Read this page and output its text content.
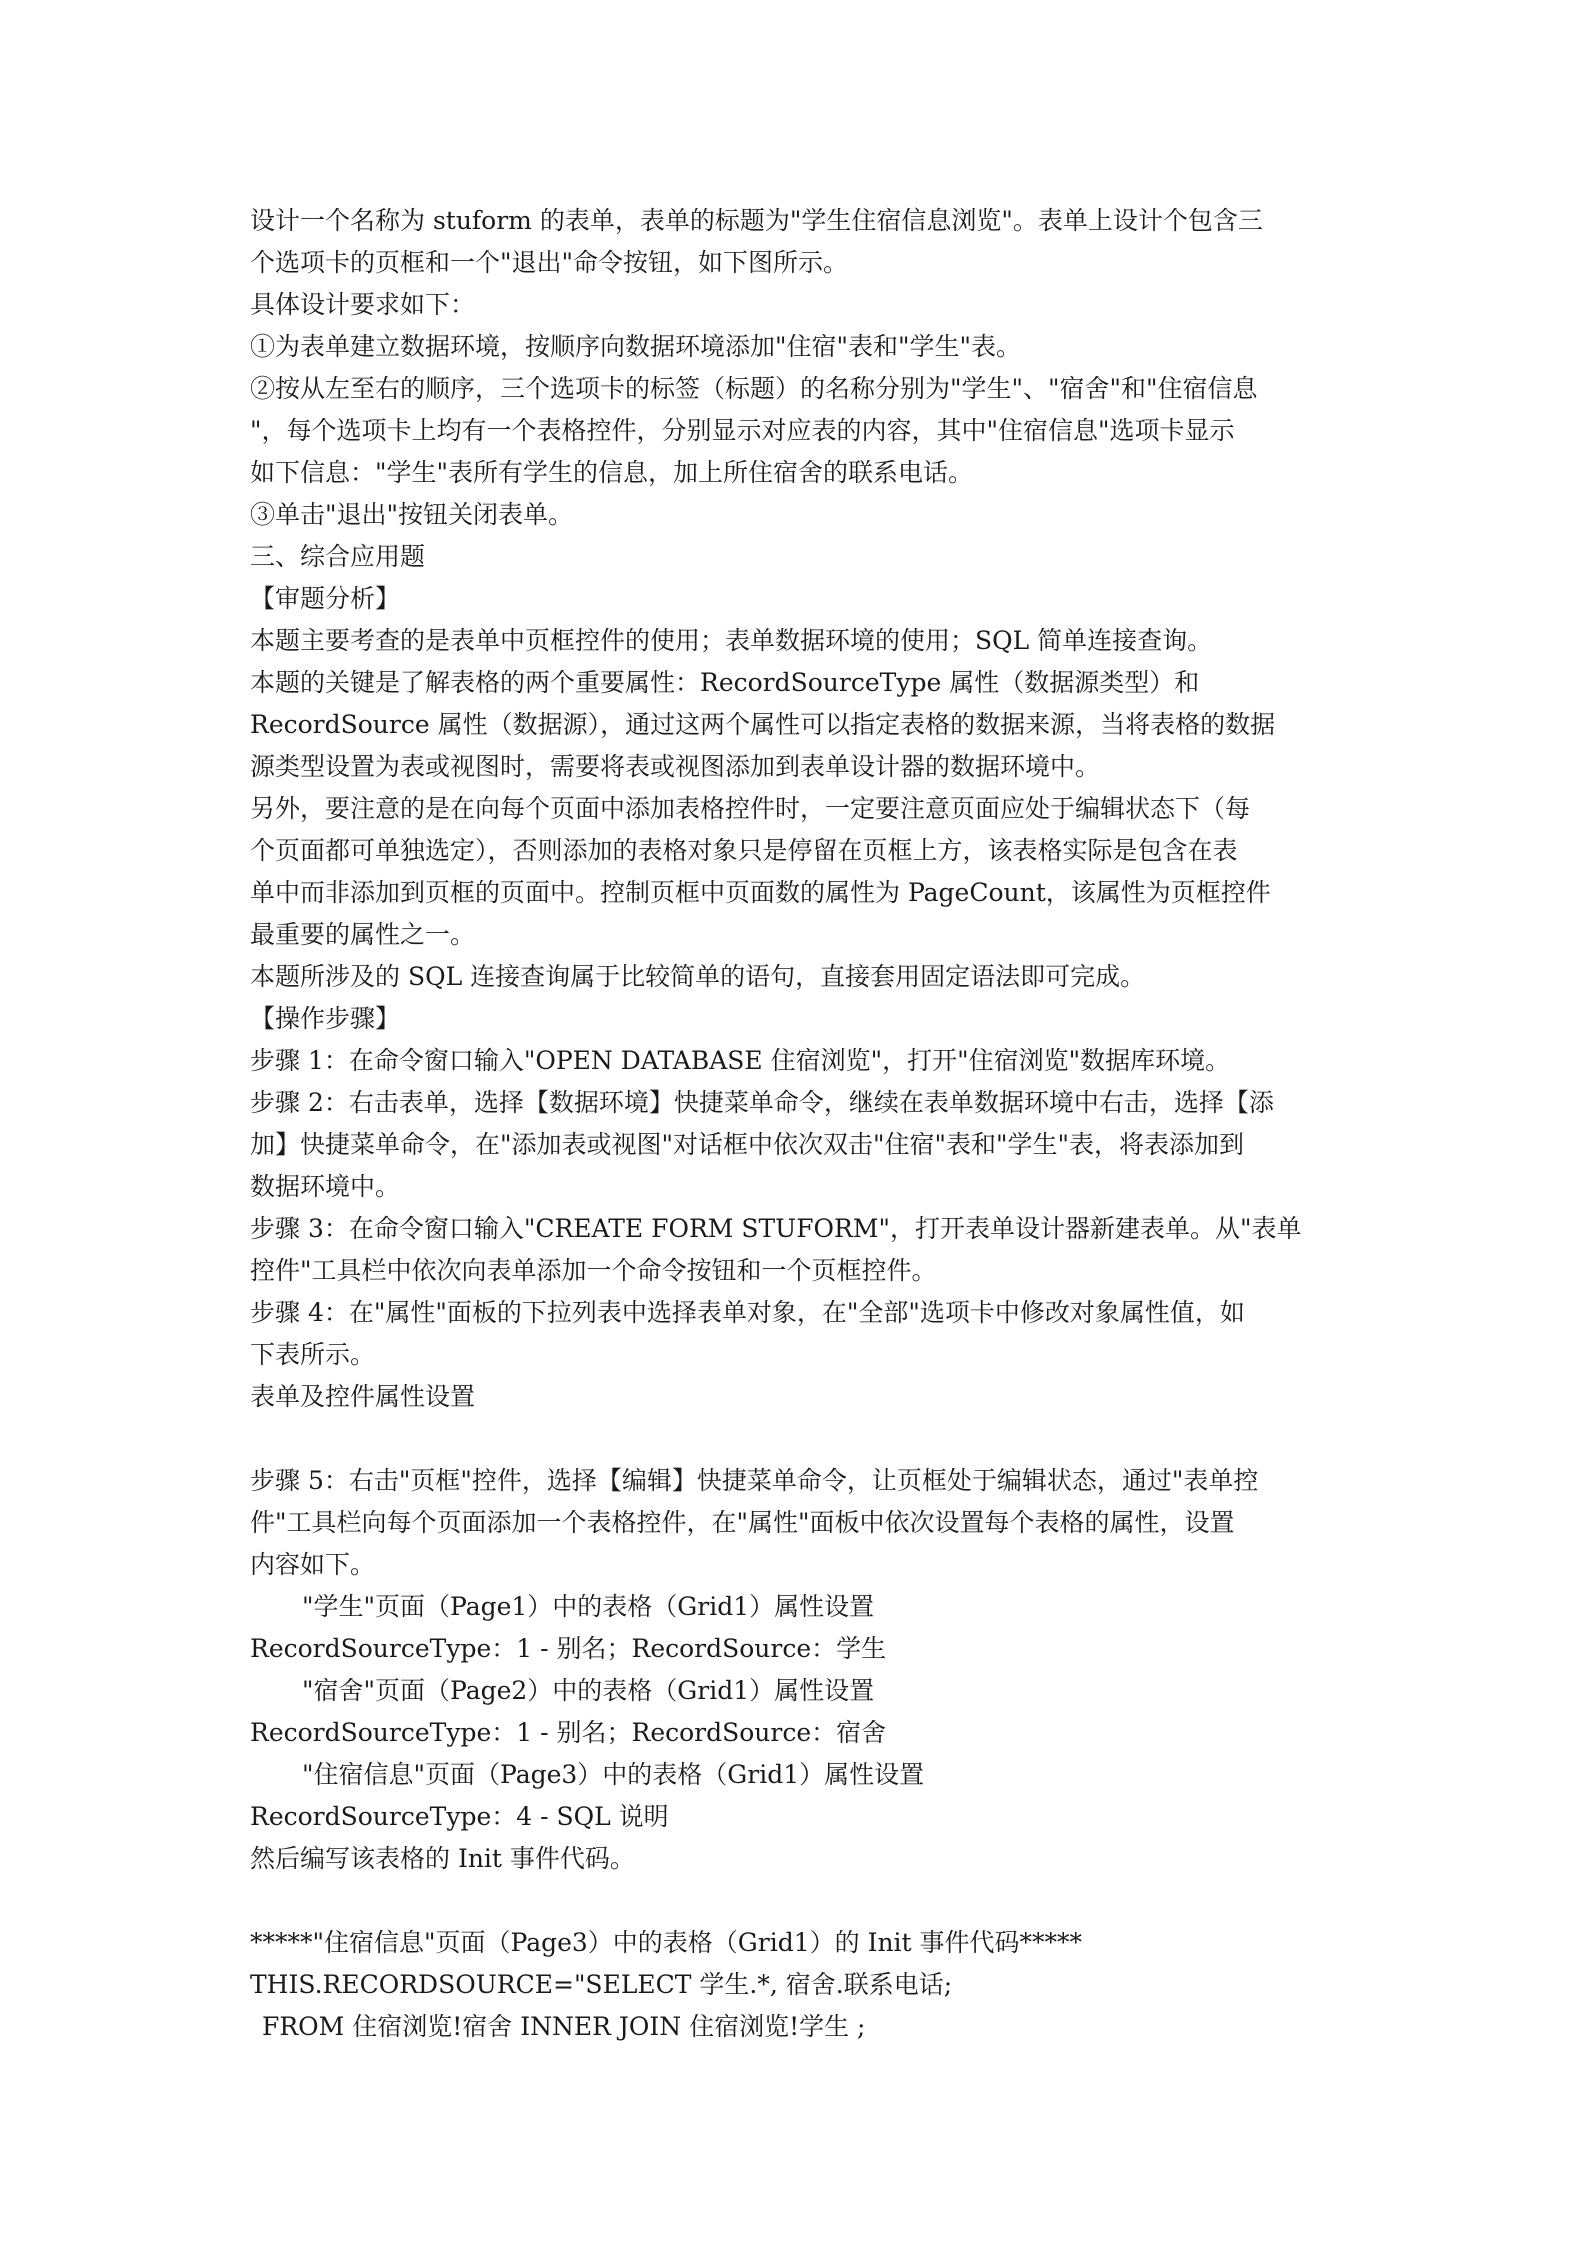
设计一个名称为 stuform 的表单，表单的标题为"学生住宿信息浏览"。表单上设计个包含三
个选项卡的页框和一个"退出"命令按钮，如下图所示。
具体设计要求如下：
①为表单建立数据环境，按顺序向数据环境添加"住宿"表和"学生"表。
②按从左至右的顺序，三个选项卡的标签（标题）的名称分别为"学生"、"宿舍"和"住宿信息
"，每个选项卡上均有一个表格控件，分别显示对应表的内容，其中"住宿信息"选项卡显示
如下信息："学生"表所有学生的信息，加上所住宿舍的联系电话。
③单击"退出"按钮关闭表单。
三、综合应用题
【审题分析】
本题主要考查的是表单中页框控件的使用；表单数据环境的使用；SQL 简单连接查询。
本题的关键是了解表格的两个重要属性：RecordSourceType 属性（数据源类型）和
RecordSource 属性（数据源），通过这两个属性可以指定表格的数据来源，当将表格的数据
源类型设置为表或视图时，需要将表或视图添加到表单设计器的数据环境中。
另外，要注意的是在向每个页面中添加表格控件时，一定要注意页面应处于编辑状态下（每
个页面都可单独选定），否则添加的表格对象只是停留在页框上方，该表格实际是包含在表
单中而非添加到页框的页面中。控制页框中页面数的属性为 PageCount，该属性为页框控件
最重要的属性之一。
本题所涉及的 SQL 连接查询属于比较简单的语句，直接套用固定语法即可完成。
【操作步骤】
步骤 1：在命令窗口输入"OPEN DATABASE 住宿浏览"，打开"住宿浏览"数据库环境。
步骤 2：右击表单，选择【数据环境】快捷菜单命令，继续在表单数据环境中右击，选择【添
加】快捷菜单命令，在"添加表或视图"对话框中依次双击"住宿"表和"学生"表，将表添加到
数据环境中。
步骤 3：在命令窗口输入"CREATE FORM STUFORM"，打开表单设计器新建表单。从"表单
控件"工具栏中依次向表单添加一个命令按钮和一个页框控件。
步骤 4：在"属性"面板的下拉列表中选择表单对象，在"全部"选项卡中修改对象属性值，如
下表所示。
表单及控件属性设置
步骤 5：右击"页框"控件，选择【编辑】快捷菜单命令，让页框处于编辑状态，通过"表单控
件"工具栏向每个页面添加一个表格控件，在"属性"面板中依次设置每个表格的属性，设置
内容如下。
"学生"页面（Page1）中的表格（Grid1）属性设置
RecordSourceType：1 - 别名；RecordSource：学生
"宿舍"页面（Page2）中的表格（Grid1）属性设置
RecordSourceType：1 - 别名；RecordSource：宿舍
"住宿信息"页面（Page3）中的表格（Grid1）属性设置
RecordSourceType：4 - SQL 说明
然后编写该表格的 Init 事件代码。
*****"住宿信息"页面（Page3）中的表格（Grid1）的 Init 事件代码*****
THIS.RECORDSOURCE="SELECT 学生.*, 宿舍.联系电话;
FROM 住宿浏览!宿舍 INNER JOIN 住宿浏览!学生 ;
